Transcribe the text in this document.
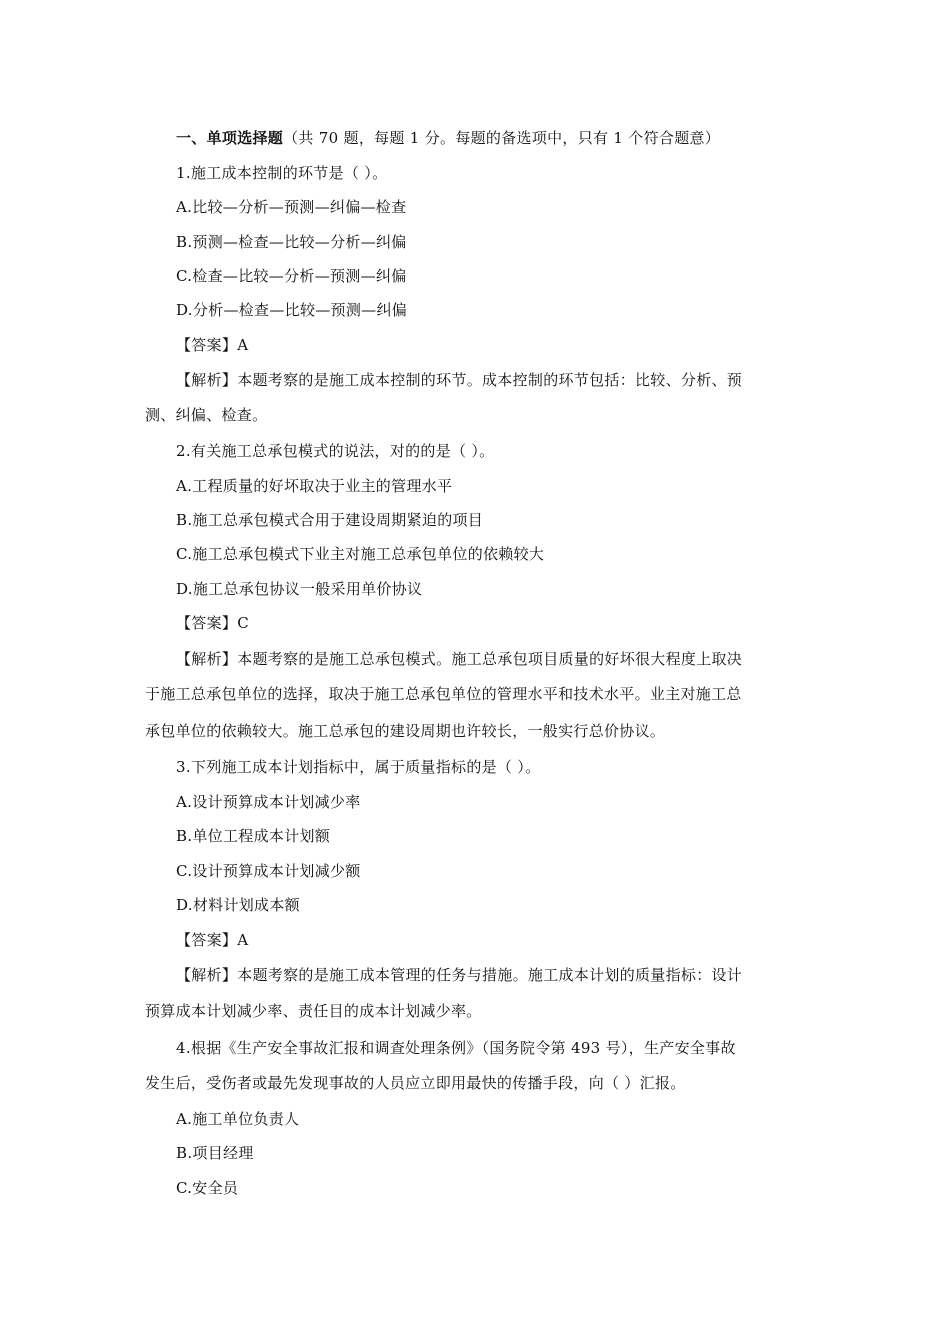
一、单项选择题（共 70 题，每题 1 分。每题的备选项中，只有 1 个符合题意）
1.施工成本控制的环节是（ ）。
A.比较—分析—预测—纠偏—检查
B.预测—检查—比较—分析—纠偏
C.检查—比较—分析—预测—纠偏
D.分析—检查—比较—预测—纠偏
【答案】A
【解析】本题考察的是施工成本控制的环节。成本控制的环节包括：比较、分析、预
测、纠偏、检查。
2.有关施工总承包模式的说法，对的的是（ ）。
A.工程质量的好坏取决于业主的管理水平
B.施工总承包模式合用于建设周期紧迫的项目
C.施工总承包模式下业主对施工总承包单位的依赖较大
D.施工总承包协议一般采用单价协议
【答案】C
【解析】本题考察的是施工总承包模式。施工总承包项目质量的好坏很大程度上取决
于施工总承包单位的选择，取决于施工总承包单位的管理水平和技术水平。业主对施工总
承包单位的依赖较大。施工总承包的建设周期也许较长，一般实行总价协议。
3.下列施工成本计划指标中，属于质量指标的是（ ）。
A.设计预算成本计划减少率
B.单位工程成本计划额
C.设计预算成本计划减少额
D.材料计划成本额
【答案】A
【解析】本题考察的是施工成本管理的任务与措施。施工成本计划的质量指标：设计
预算成本计划减少率、责任目的成本计划减少率。
4.根据《生产安全事故汇报和调查处理条例》（国务院令第 493 号），生产安全事故
发生后，受伤者或最先发现事故的人员应立即用最快的传播手段，向（ ）汇报。
A.施工单位负责人
B.项目经理
C.安全员
